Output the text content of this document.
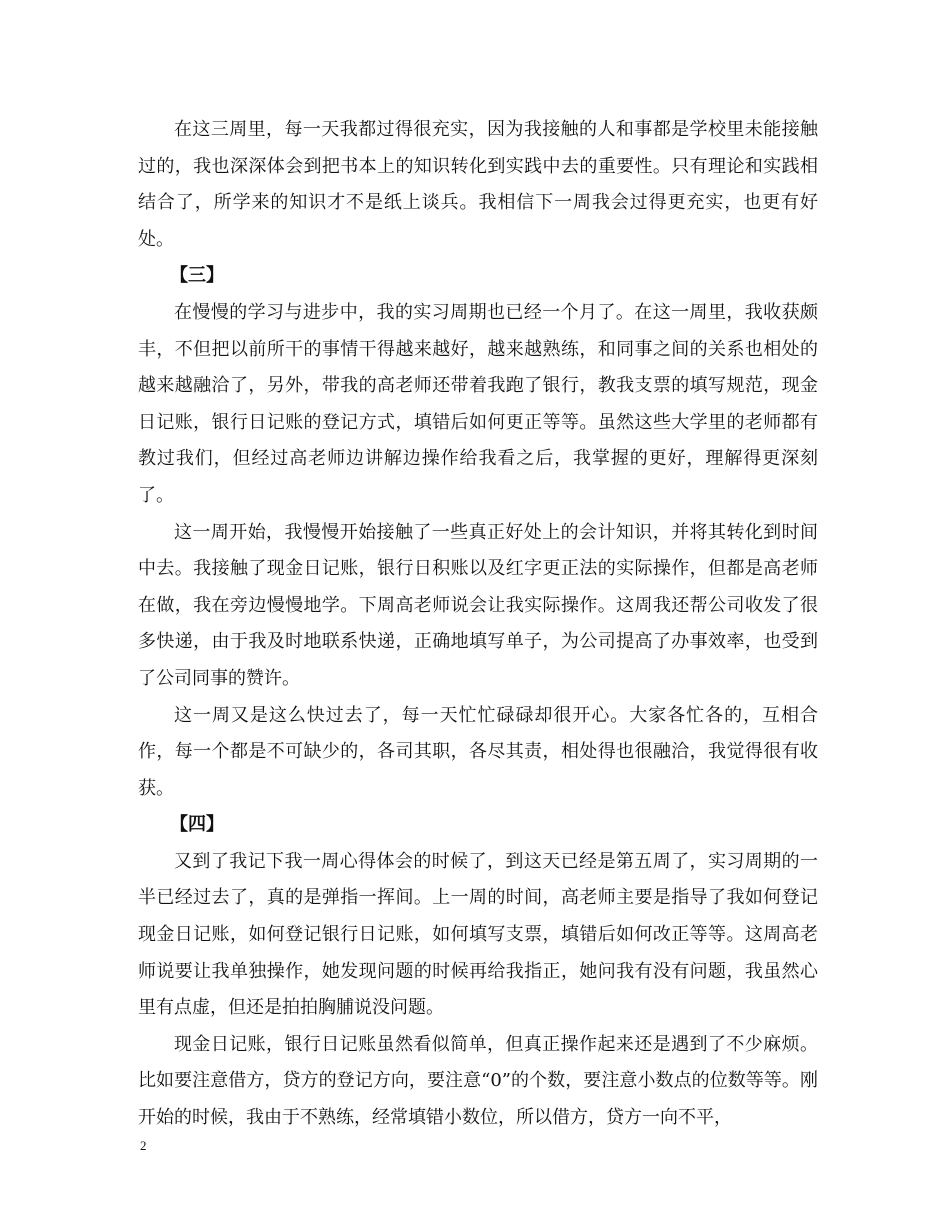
在这三周里，每一天我都过得很充实，因为我接触的人和事都是学校里未能接触过的，我也深深体会到把书本上的知识转化到实践中去的重要性。只有理论和实践相结合了，所学来的知识才不是纸上谈兵。我相信下一周我会过得更充实，也更有好处。

【三】

在慢慢的学习与进步中，我的实习周期也已经一个月了。在这一周里，我收获颇丰，不但把以前所干的事情干得越来越好，越来越熟练，和同事之间的关系也相处的越来越融洽了，另外，带我的高老师还带着我跑了银行，教我支票的填写规范，现金日记账，银行日记账的登记方式，填错后如何更正等等。虽然这些大学里的老师都有教过我们，但经过高老师边讲解边操作给我看之后，我掌握的更好，理解得更深刻了。

这一周开始，我慢慢开始接触了一些真正好处上的会计知识，并将其转化到时间中去。我接触了现金日记账，银行日积账以及红字更正法的实际操作，但都是高老师在做，我在旁边慢慢地学。下周高老师说会让我实际操作。这周我还帮公司收发了很多快递，由于我及时地联系快递，正确地填写单子，为公司提高了办事效率，也受到了公司同事的赞许。

这一周又是这么快过去了，每一天忙忙碌碌却很开心。大家各忙各的，互相合作，每一个都是不可缺少的，各司其职，各尽其责，相处得也很融洽，我觉得很有收获。

【四】

又到了我记下我一周心得体会的时候了，到这天已经是第五周了，实习周期的一半已经过去了，真的是弹指一挥间。上一周的时间，高老师主要是指导了我如何登记现金日记账，如何登记银行日记账，如何填写支票，填错后如何改正等等。这周高老师说要让我单独操作，她发现问题的时候再给我指正，她问我有没有问题，我虽然心里有点虚，但还是拍拍胸脯说没问题。

现金日记账，银行日记账虽然看似简单，但真正操作起来还是遇到了不少麻烦。比如要注意借方，贷方的登记方向，要注意“0”的个数，要注意小数点的位数等等。刚开始的时候，我由于不熟练，经常填错小数位，所以借方，贷方一向不平，

2
